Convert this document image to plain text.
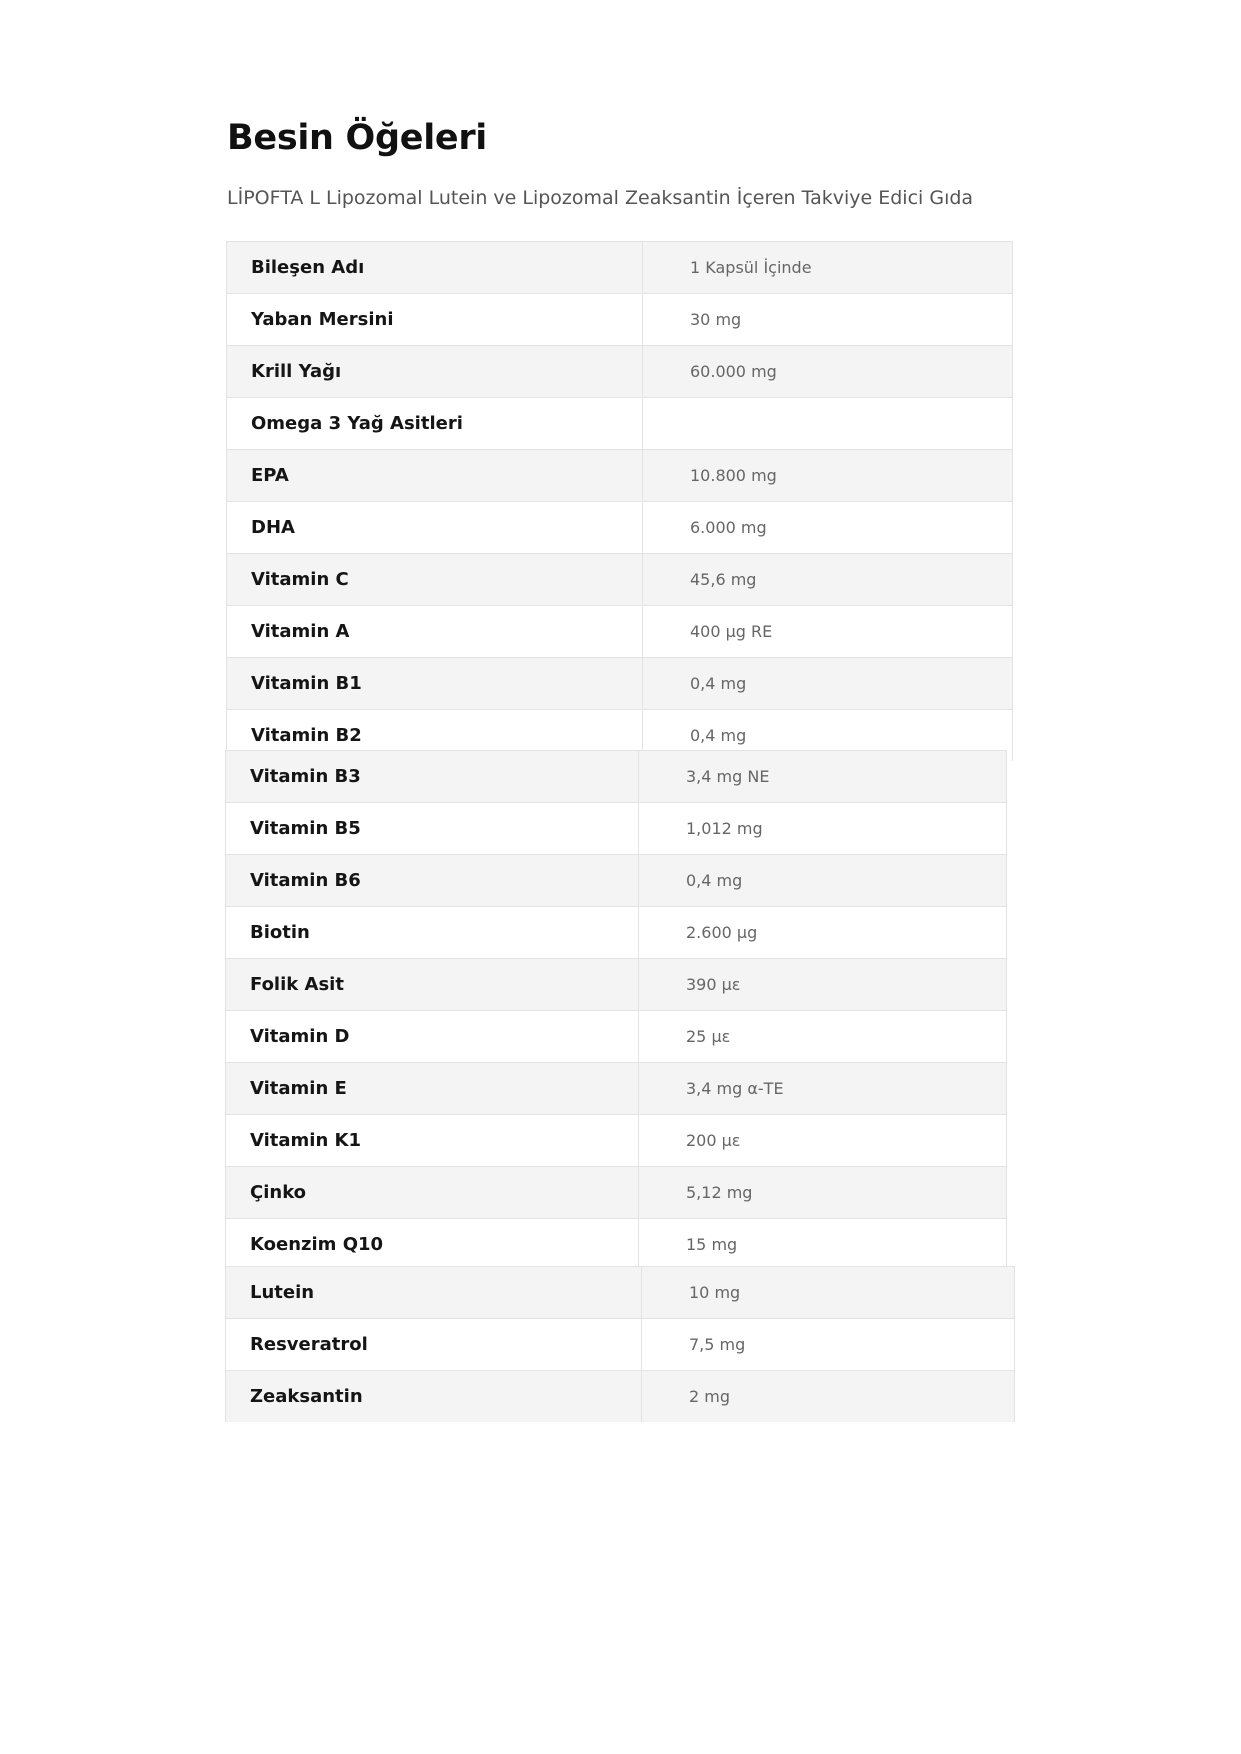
Besin Öğeleri

LİPOFTA L Lipozomal Lutein ve Lipozomal Zeaksantin İçeren Takviye Edici Gıda

Bileşen Adı	1 Kapsül İçinde
Yaban Mersini	30 mg
Krill Yağı	60.000 mg
Omega 3 Yağ Asitleri	
EPA	10.800 mg
DHA	6.000 mg
Vitamin C	45,6 mg
Vitamin A	400 µg RE
Vitamin B1	0,4 mg
Vitamin B2	0,4 mg
Vitamin B3	3,4 mg NE
Vitamin B5	1,012 mg
Vitamin B6	0,4 mg
Biotin	2.600 µg
Folik Asit	390 µε
Vitamin D	25 µε
Vitamin E	3,4 mg α-TE
Vitamin K1	200 µε
Çinko	5,12 mg
Koenzim Q10	15 mg
Lutein	10 mg
Resveratrol	7,5 mg
Zeaksantin	2 mg
